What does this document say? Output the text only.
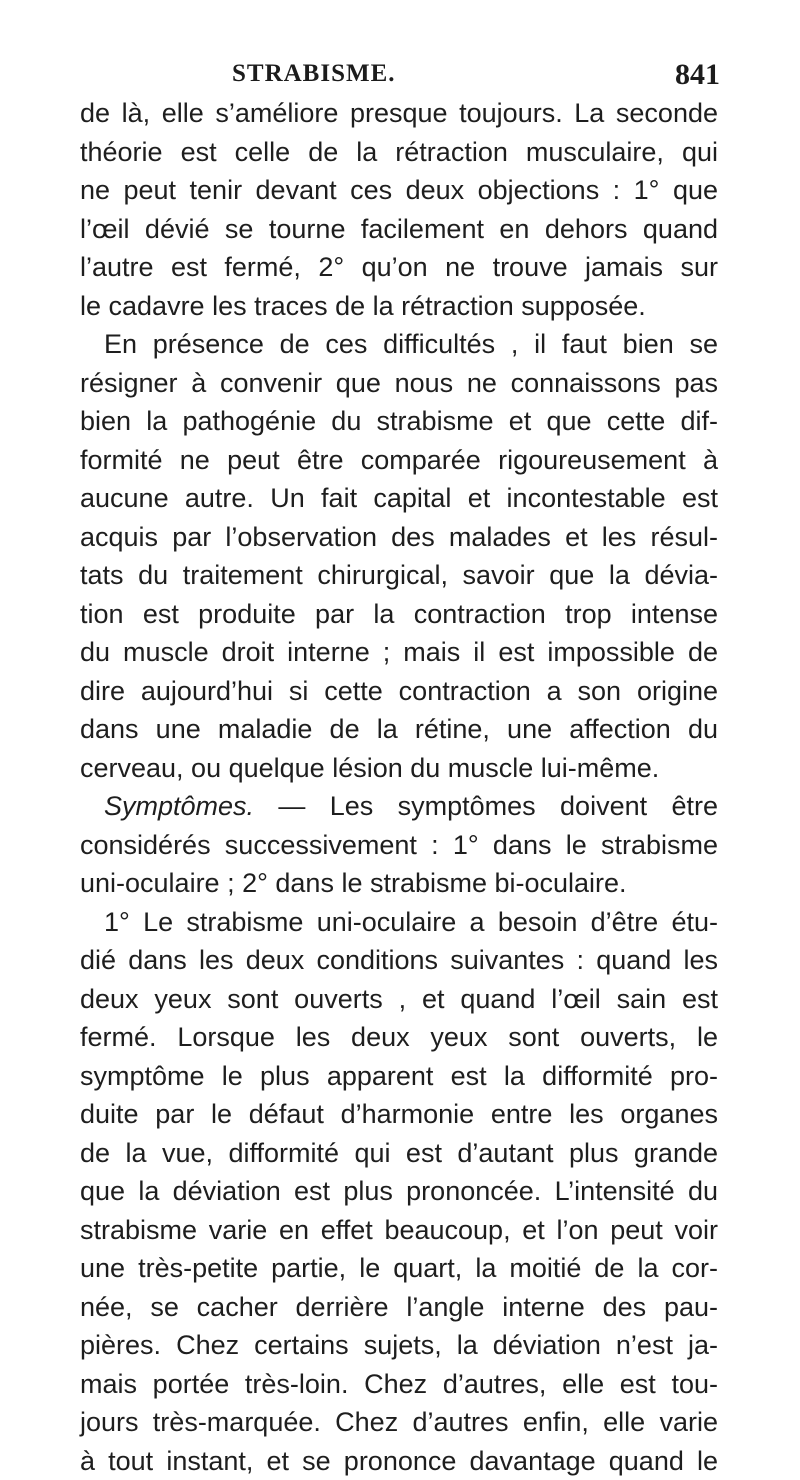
STRABISME.	841
de là, elle s’améliore presque toujours. La seconde
théorie est celle de la rétraction musculaire, qui
ne peut tenir devant ces deux objections : 1° que
l’œil dévié se tourne facilement en dehors quand
l’autre est fermé, 2° qu’on ne trouve jamais sur
le cadavre les traces de la rétraction supposée.
En présence de ces difficultés , il faut bien se
résigner à convenir que nous ne connaissons pas
bien la pathogénie du strabisme et que cette dif-
formité ne peut être comparée rigoureusement à
aucune autre. Un fait capital et incontestable est
acquis par l’observation des malades et les résul-
tats du traitement chirurgical, savoir que la dévia-
tion est produite par la contraction trop intense
du muscle droit interne ; mais il est impossible de
dire aujourd’hui si cette contraction a son origine
dans une maladie de la rétine, une affection du
cerveau, ou quelque lésion du muscle lui-même.
Symptômes. — Les symptômes doivent être
considérés successivement : 1° dans le strabisme
uni-oculaire ; 2° dans le strabisme bi-oculaire.
1° Le strabisme uni-oculaire a besoin d’être étu-
dié dans les deux conditions suivantes : quand les
deux yeux sont ouverts , et quand l’œil sain est
fermé. Lorsque les deux yeux sont ouverts, le
symptôme le plus apparent est la difformité pro-
duite par le défaut d’harmonie entre les organes
de la vue, difformité qui est d’autant plus grande
que la déviation est plus prononcée. L’intensité du
strabisme varie en effet beaucoup, et l’on peut voir
une très-petite partie, le quart, la moitié de la cor-
née, se cacher derrière l’angle interne des pau-
pières. Chez certains sujets, la déviation n’est ja-
mais portée très-loin. Chez d’autres, elle est tou-
jours très-marquée. Chez d’autres enfin, elle varie
à tout instant, et se prononce davantage quand le
